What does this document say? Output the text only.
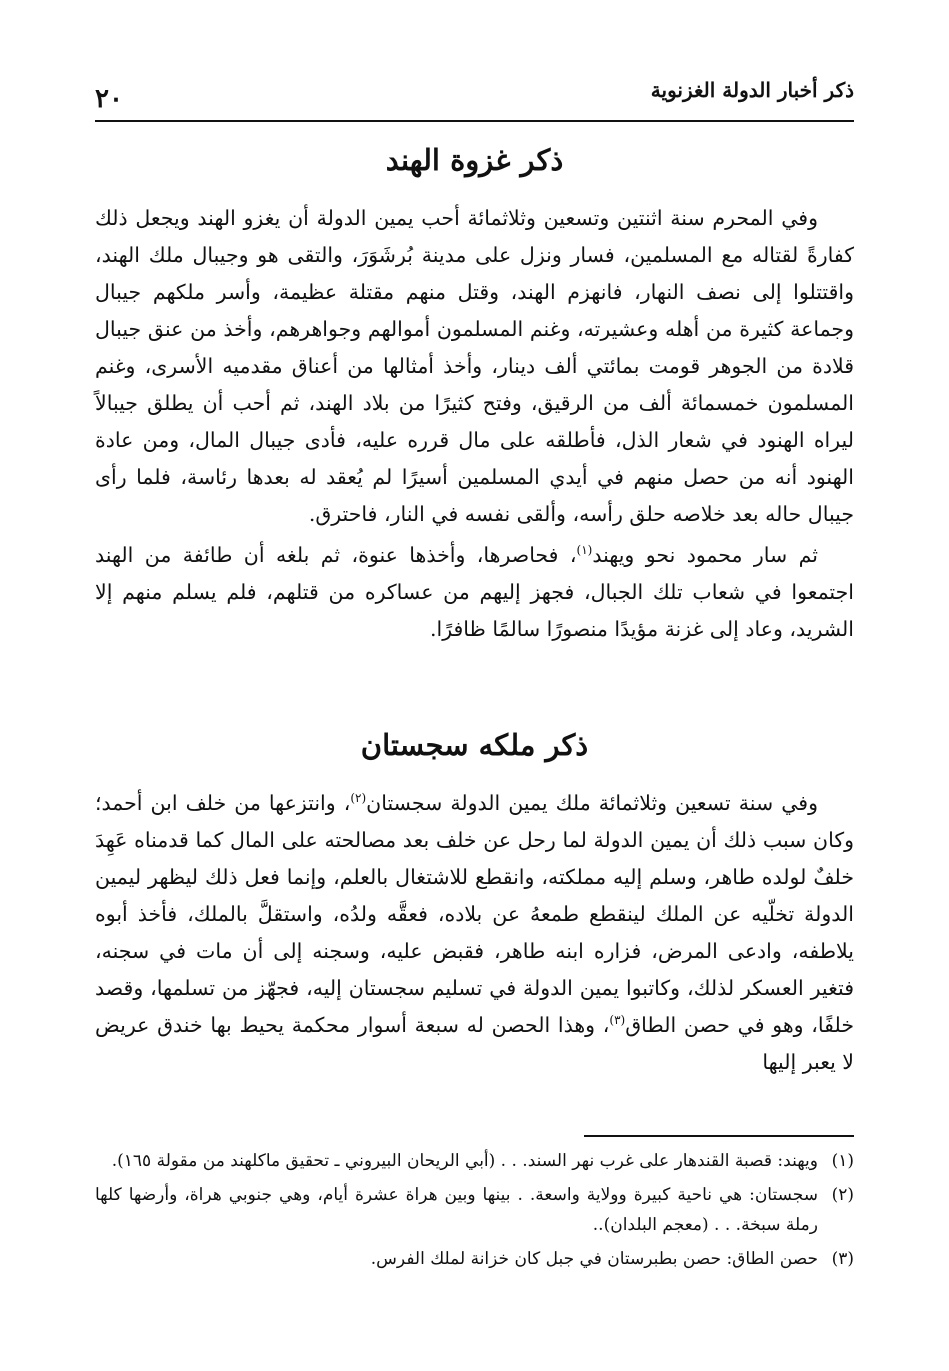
٢٠	ذكر أخبار الدولة الغزنوية
ذكر غزوة الهند

وفي المحرم سنة اثنتين وتسعين وثلاثمائة أحب يمين الدولة أن يغزو الهند ويجعل ذلك كفارةً لقتاله مع المسلمين، فسار ونزل على مدينة بُرشَوَرَ، والتقى هو وجيبال ملك الهند، واقتتلوا إلى نصف النهار، فانهزم الهند، وقتل منهم مقتلة عظيمة، وأسر ملكهم جيبال وجماعة كثيرة من أهله وعشيرته، وغنم المسلمون أموالهم وجواهرهم، وأخذ من عنق جيبال قلادة من الجوهر قومت بمائتي ألف دينار، وأخذ أمثالها من أعناق مقدميه الأسرى، وغنم المسلمون خمسمائة ألف من الرقيق، وفتح كثيرًا من بلاد الهند، ثم أحب أن يطلق جيبالاً ليراه الهنود في شعار الذل، فأطلقه على مال قرره عليه، فأدى جيبال المال، ومن عادة الهنود أنه من حصل منهم في أيدي المسلمين أسيرًا لم يُعقد له بعدها رئاسة، فلما رأى جيبال حاله بعد خلاصه حلق رأسه، وألقى نفسه في النار، فاحترق.

ثم سار محمود نحو ويهند$^{(١)}$، فحاصرها، وأخذها عنوة، ثم بلغه أن طائفة من الهند اجتمعوا في شعاب تلك الجبال، فجهز إليهم من عساكره من قتلهم، فلم يسلم منهم إلا الشريد، وعاد إلى غزنة مؤيدًا منصورًا سالمًا ظافرًا.

ذكر ملكه سجستان

وفي سنة تسعين وثلاثمائة ملك يمين الدولة سجستان$^{(٢)}$، وانتزعها من خلف ابن أحمد؛ وكان سبب ذلك أن يمين الدولة لما رحل عن خلف بعد مصالحته على المال كما قدمناه عَهِدَ خلفٌ لولده طاهر، وسلم إليه مملكته، وانقطع للاشتغال بالعلم، وإنما فعل ذلك ليظهر ليمين الدولة تخلّيه عن الملك لينقطع طمعهُ عن بلاده، فعقَّه ولدُه، واستقلَّ بالملك، فأخذ أبوه يلاطفه، وادعى المرض، فزاره ابنه طاهر، فقبض عليه، وسجنه إلى أن مات في سجنه، فتغير العسكر لذلك، وكاتبوا يمين الدولة في تسليم سجستان إليه، فجهّز من تسلمها، وقصد خلفًا، وهو في حصن الطاق$^{(٣)}$، وهذا الحصن له سبعة أسوار محكمة يحيط بها خندق عريض لا يعبر إليها

(١)
ويهند: قصبة القندهار على غرب نهر السند. . . (أبي الريحان البيروني ـ تحقيق ماكلهند من مقولة ١٦٥).
(٢)
سجستان: هي ناحية كبيرة وولاية واسعة. . بينها وبين هراة عشرة أيام، وهي جنوبي هراة، وأرضها كلها رملة سبخة. . . (معجم البلدان)..
(٣)
حصن الطاق: حصن بطبرستان في جبل كان خزانة لملك الفرس.
